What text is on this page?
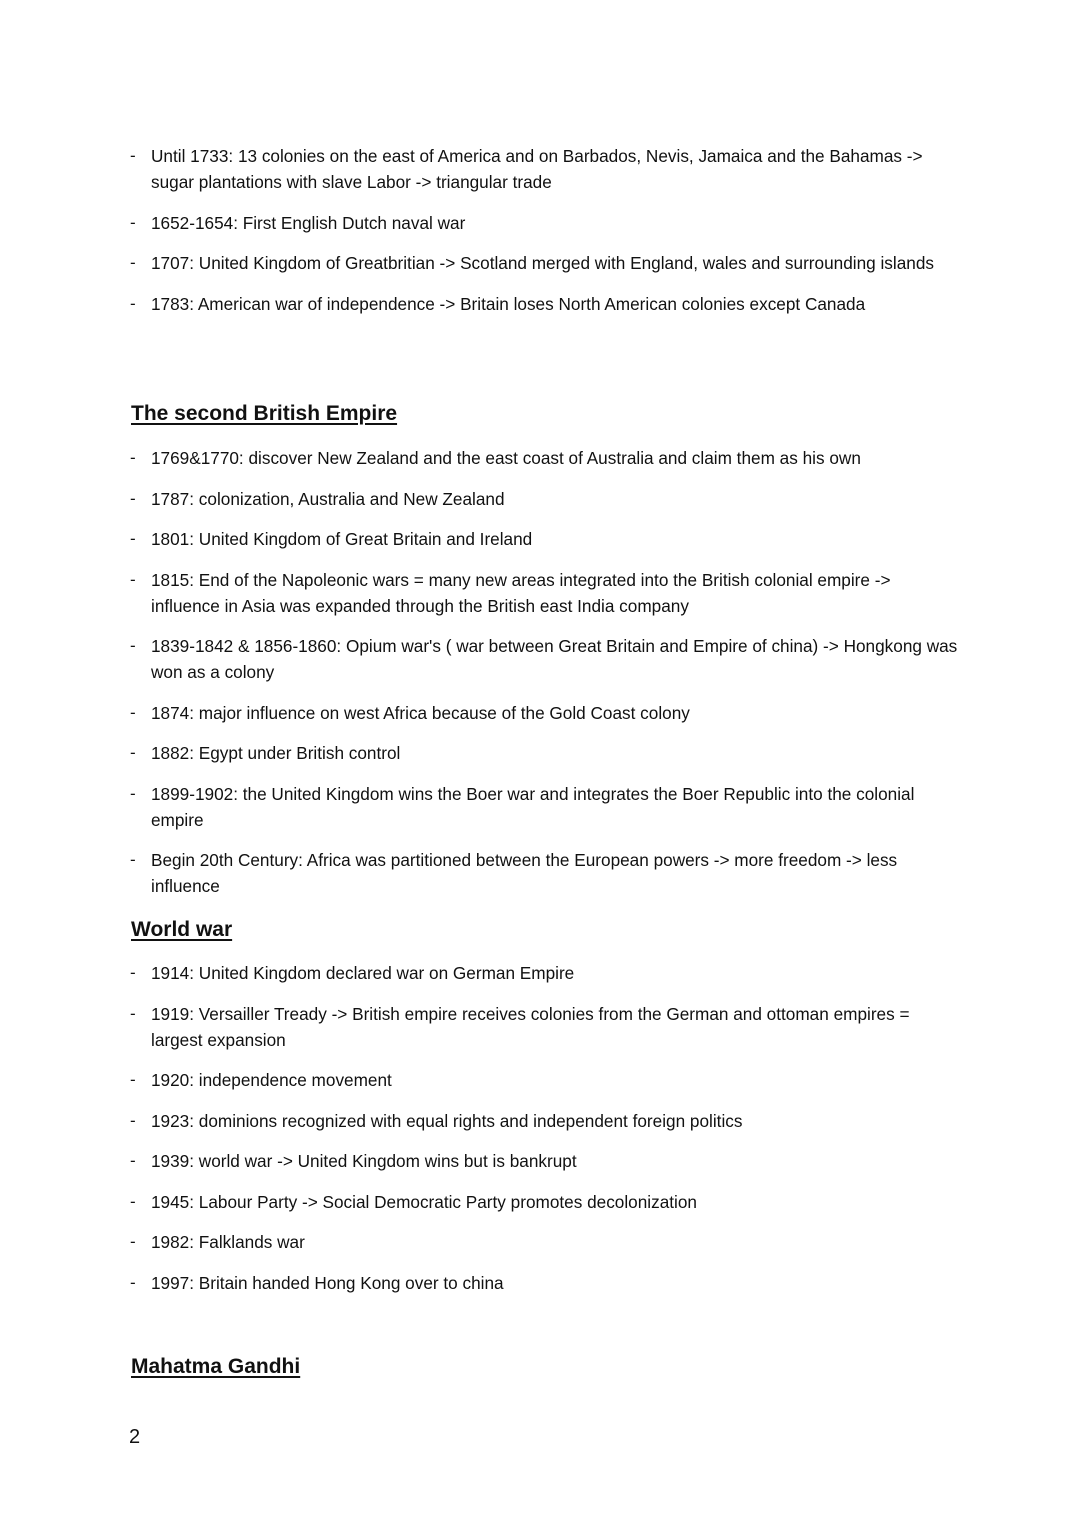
- Until 1733: 13 colonies on the east of America and on Barbados, Nevis, Jamaica and the Bahamas -> sugar plantations with slave Labor -> triangular trade
- 1652-1654: First English Dutch naval war
- 1707: United Kingdom of Greatbritian -> Scotland merged with England, wales and surrounding islands
- 1783: American war of independence -> Britain loses North American colonies except Canada
The second British Empire
- 1769&1770: discover New Zealand and the east coast of Australia and claim them as his own
- 1787: colonization, Australia and New Zealand
- 1801: United Kingdom of Great Britain and Ireland
- 1815: End of the Napoleonic wars = many new areas integrated into the British colonial empire -> influence in Asia was expanded through the British east India company
- 1839-1842 & 1856-1860: Opium war's ( war between Great Britain and Empire of china) -> Hongkong was won as a colony
- 1874: major influence on west Africa because of the Gold Coast colony
- 1882: Egypt under British control
- 1899-1902: the United Kingdom wins the Boer war and integrates the Boer Republic into the colonial empire
- Begin 20th Century: Africa was partitioned between the European powers -> more freedom -> less influence
World war
- 1914: United Kingdom declared war on German Empire
- 1919: Versailler Tready -> British empire receives colonies from the German and ottoman empires = largest expansion
- 1920: independence movement
- 1923: dominions recognized with equal rights and independent foreign politics
- 1939: world war -> United Kingdom wins but is bankrupt
- 1945: Labour Party -> Social Democratic Party promotes decolonization
- 1982: Falklands war
- 1997: Britain handed Hong Kong over to china
Mahatma Gandhi
2
